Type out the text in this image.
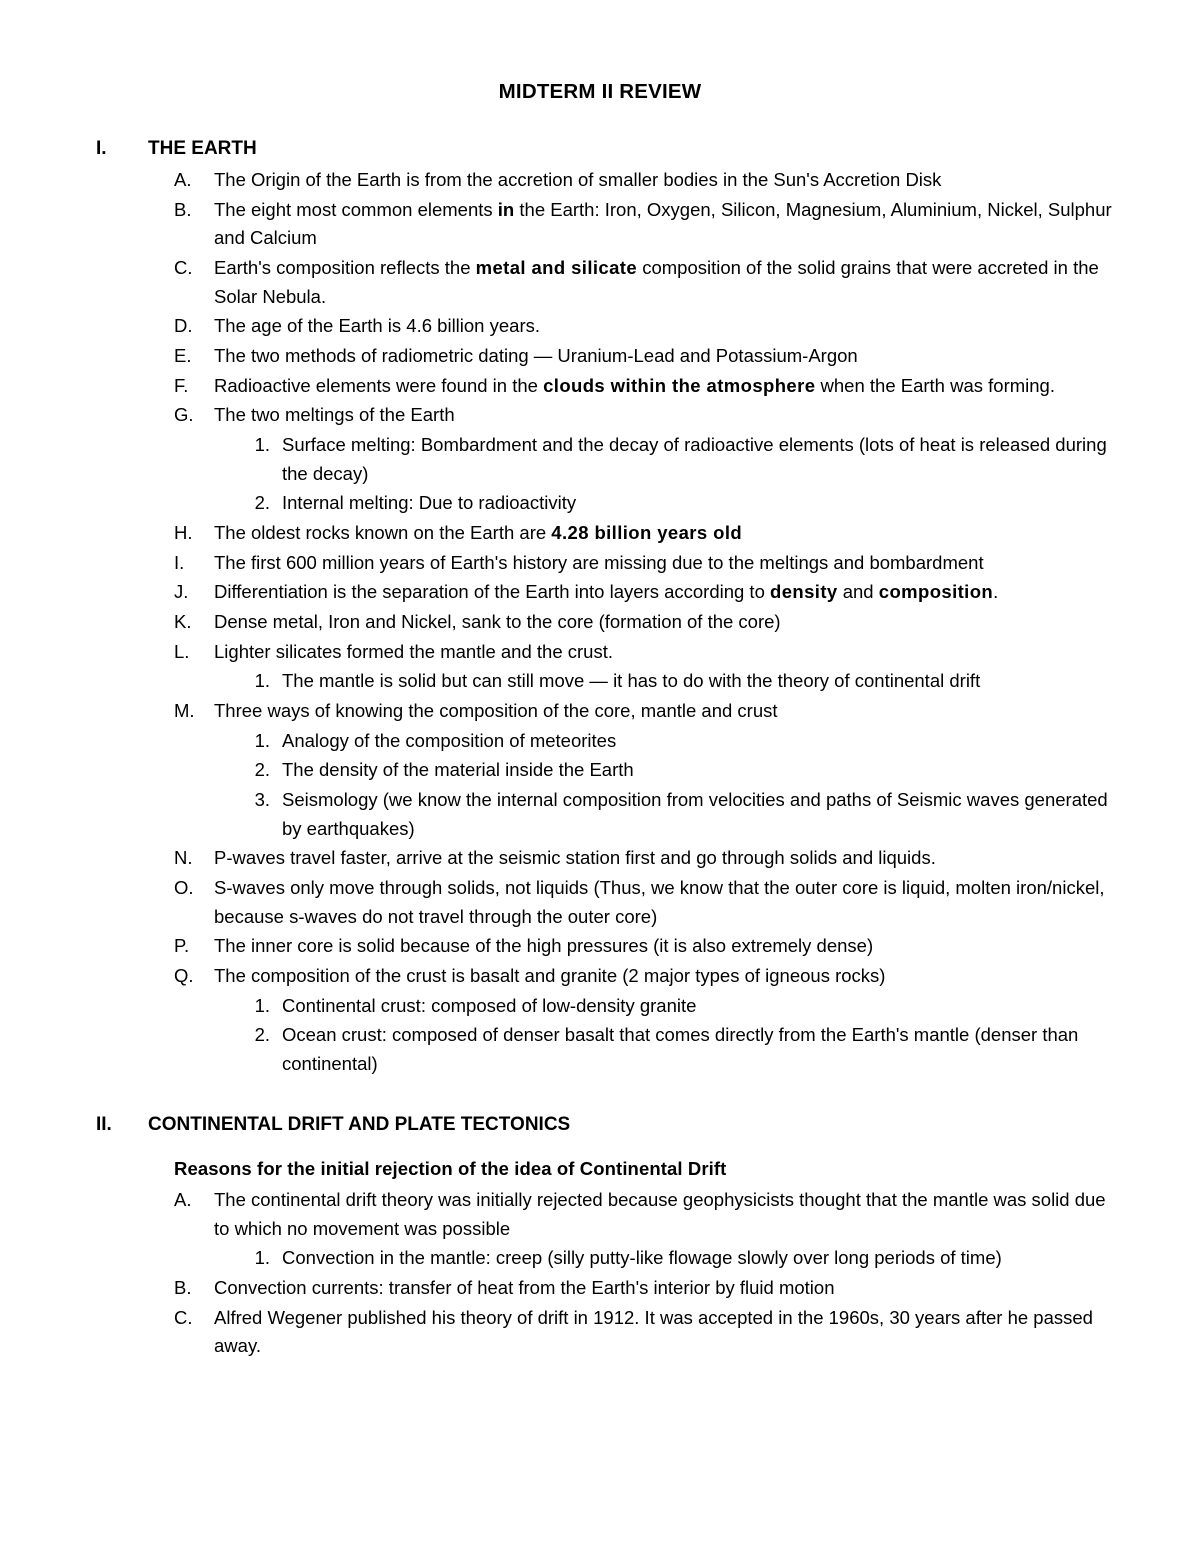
MIDTERM II REVIEW
I.	THE EARTH
A.	The Origin of the Earth is from the accretion of smaller bodies in the Sun's Accretion Disk
B.	The eight most common elements in the Earth: Iron, Oxygen, Silicon, Magnesium, Aluminium, Nickel, Sulphur and Calcium
C.	Earth's composition reflects the metal and silicate composition of the solid grains that were accreted in the Solar Nebula.
D.	The age of the Earth is 4.6 billion years.
E.	The two methods of radiometric dating — Uranium-Lead and Potassium-Argon
F.	Radioactive elements were found in the clouds within the atmosphere when the Earth was forming.
G.	The two meltings of the Earth
1. Surface melting: Bombardment and the decay of radioactive elements (lots of heat is released during the decay)
2. Internal melting: Due to radioactivity
H.	The oldest rocks known on the Earth are 4.28 billion years old
I.	The first 600 million years of Earth's history are missing due to the meltings and bombardment
J.	Differentiation is the separation of the Earth into layers according to density and composition.
K.	Dense metal, Iron and Nickel, sank to the core (formation of the core)
L.	Lighter silicates formed the mantle and the crust.
1. The mantle is solid but can still move — it has to do with the theory of continental drift
M.	Three ways of knowing the composition of the core, mantle and crust
1. Analogy of the composition of meteorites
2. The density of the material inside the Earth
3. Seismology (we know the internal composition from velocities and paths of Seismic waves generated by earthquakes)
N.	P-waves travel faster, arrive at the seismic station first and go through solids and liquids.
O.	S-waves only move through solids, not liquids (Thus, we know that the outer core is liquid, molten iron/nickel, because s-waves do not travel through the outer core)
P.	The inner core is solid because of the high pressures (it is also extremely dense)
Q.	The composition of the crust is basalt and granite (2 major types of igneous rocks)
1. Continental crust: composed of low-density granite
2. Ocean crust: composed of denser basalt that comes directly from the Earth's mantle (denser than continental)
II.	CONTINENTAL DRIFT AND PLATE TECTONICS
Reasons for the initial rejection of the idea of Continental Drift
A.	The continental drift theory was initially rejected because geophysicists thought that the mantle was solid due to which no movement was possible
1. Convection in the mantle: creep (silly putty-like flowage slowly over long periods of time)
B.	Convection currents: transfer of heat from the Earth's interior by fluid motion
C.	Alfred Wegener published his theory of drift in 1912. It was accepted in the 1960s, 30 years after he passed away.
